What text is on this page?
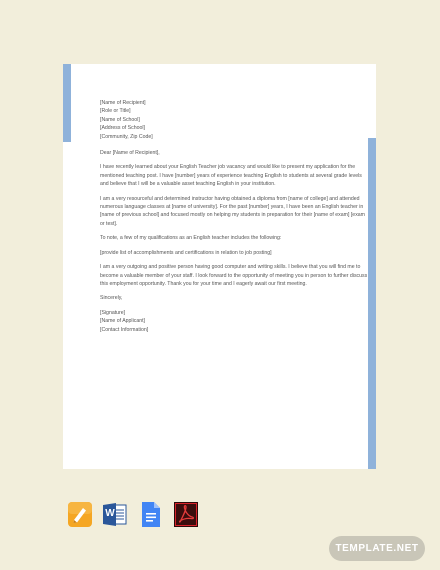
[Name of Recipient]
[Role or Title]
[Name of School]
[Address of School]
[Community, Zip Code]
Dear [Name of Recipient],
I have recently learned about your English Teacher job vacancy and would like to present my application for the mentioned teaching post. I have [number] years of experience teaching English to students at several grade levels and believe that I will be a valuable asset teaching English in your institution.
I am a very resourceful and determined instructor having obtained a diploma from [name of college] and attended numerous language classes at [name of university]. For the past [number] years, I have been an English teacher in [name of previous school] and focused mostly on helping my students in preparation for their [name of exam] [exam or test].
To note, a few of my qualifications as an English teacher includes the following:
[provide list of accomplishments and certifications in relation to job posting]
I am a very outgoing and positive person having good computer and writing skills. I believe that you will find me to become a valuable member of your staff. I look forward to the opportunity of meeting you in person to further discuss this employment opportunity. Thank you for your time and I eagerly await our first meeting.
Sincerely,
[Signature]
[Name of Applicant]
[Contact Information]
W
TEMPLATE.NET
